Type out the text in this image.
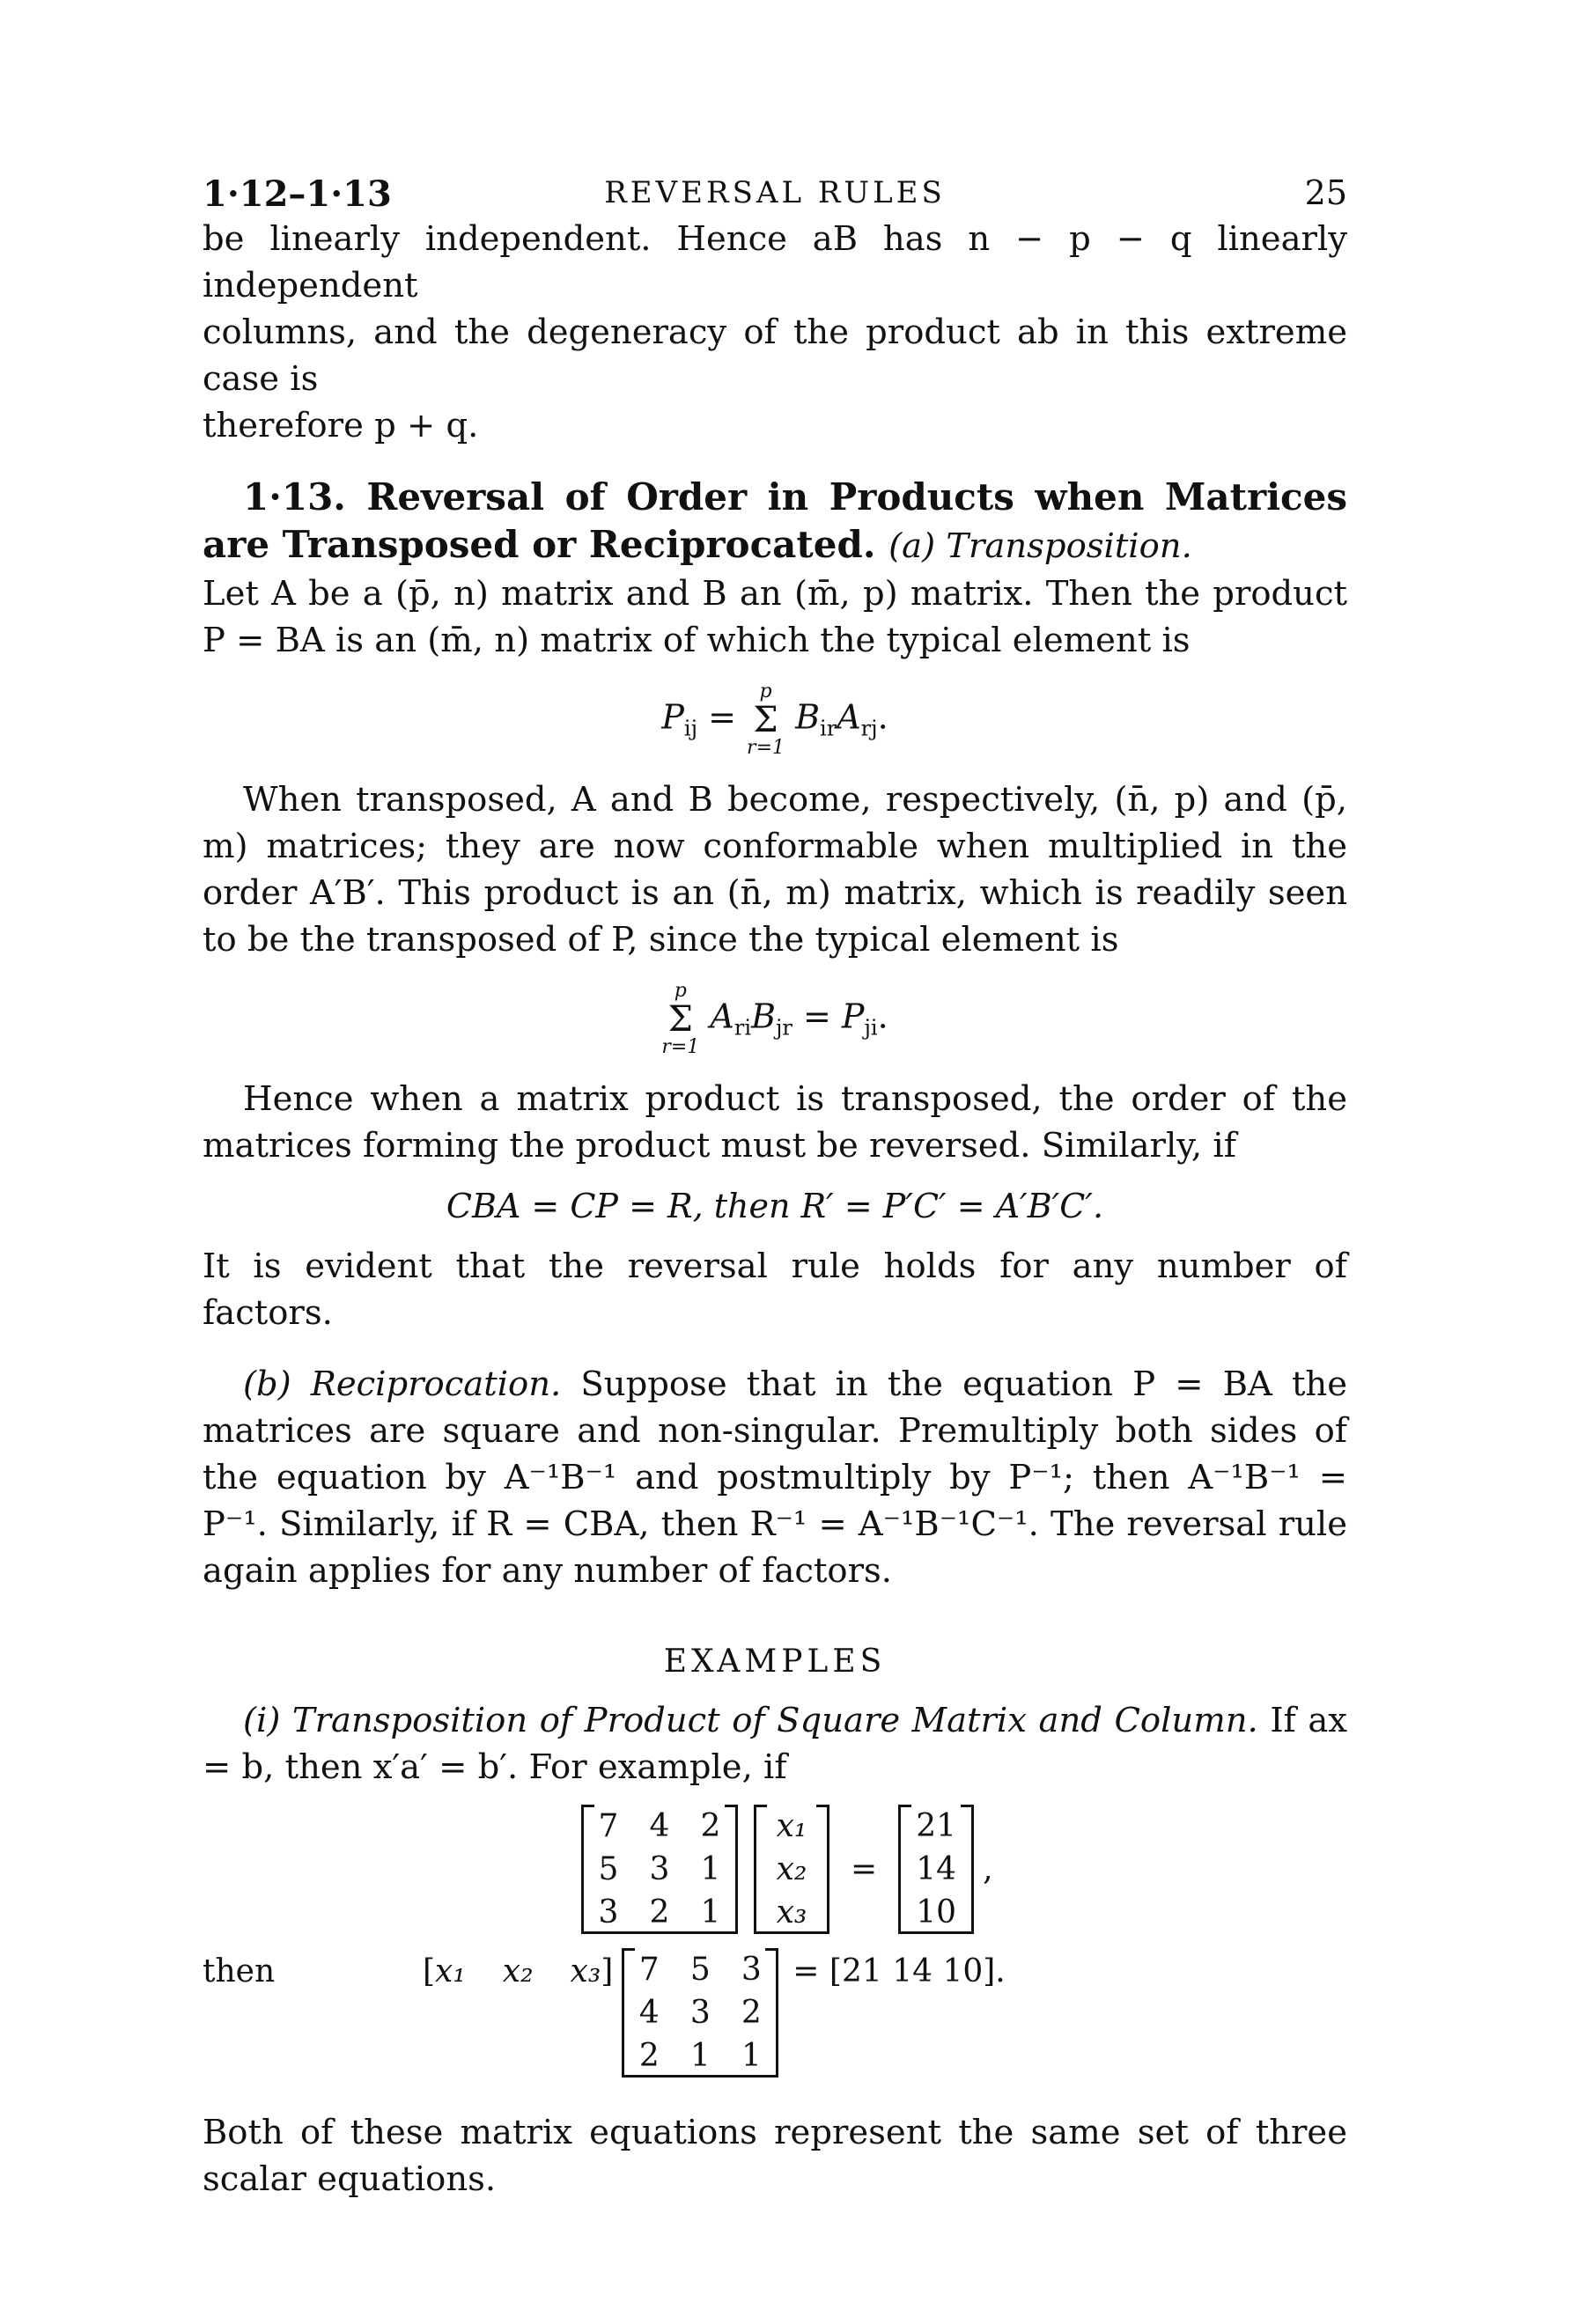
1·12–1·13	REVERSAL RULES	25

be linearly independent. Hence aB has n − p − q linearly independent

columns, and the degeneracy of the product ab in this extreme case is

therefore p + q.

1·13. Reversal of Order in Products when Matrices are Transposed or Reciprocated. (a) Transposition.

Let A be a (p̄, n) matrix and B an (m̄, p) matrix. Then the product P = BA is an (m̄, n) matrix of which the typical element is

$P_{ij}$ =
p
Σ
r=1
$B_{ir}A_{rj}$.

When transposed, A and B become, respectively, (n̄, p) and (p̄, m) matrices; they are now conformable when multiplied in the order A′B′. This product is an (n̄, m) matrix, which is readily seen to be the transposed of P, since the typical element is

p
Σ
r=1
$A_{ri}B_{jr} = P_{ji}$.

Hence when a matrix product is transposed, the order of the matrices forming the product must be reversed. Similarly, if

CBA = CP = R, then R′ = P′C′ = A′B′C′.

It is evident that the reversal rule holds for any number of factors.

(b) Reciprocation. Suppose that in the equation P = BA the matrices are square and non-singular. Premultiply both sides of the equation by A⁻¹B⁻¹ and postmultiply by P⁻¹; then A⁻¹B⁻¹ = P⁻¹. Similarly, if R = CBA, then R⁻¹ = A⁻¹B⁻¹C⁻¹. The reversal rule again applies for any number of factors.

EXAMPLES

(i) Transposition of Product of Square Matrix and Column. If ax = b, then x′a′ = b′. For example, if

7 4 2
5 3 1
3 2 1
x₁
x₂
x₃
=
21
14
10
,
then	[ x₁ x₂ x₃ ] 7 5 3
4 3 2
2 1 1
= [21 14 10].

Both of these matrix equations represent the same set of three scalar equations.
